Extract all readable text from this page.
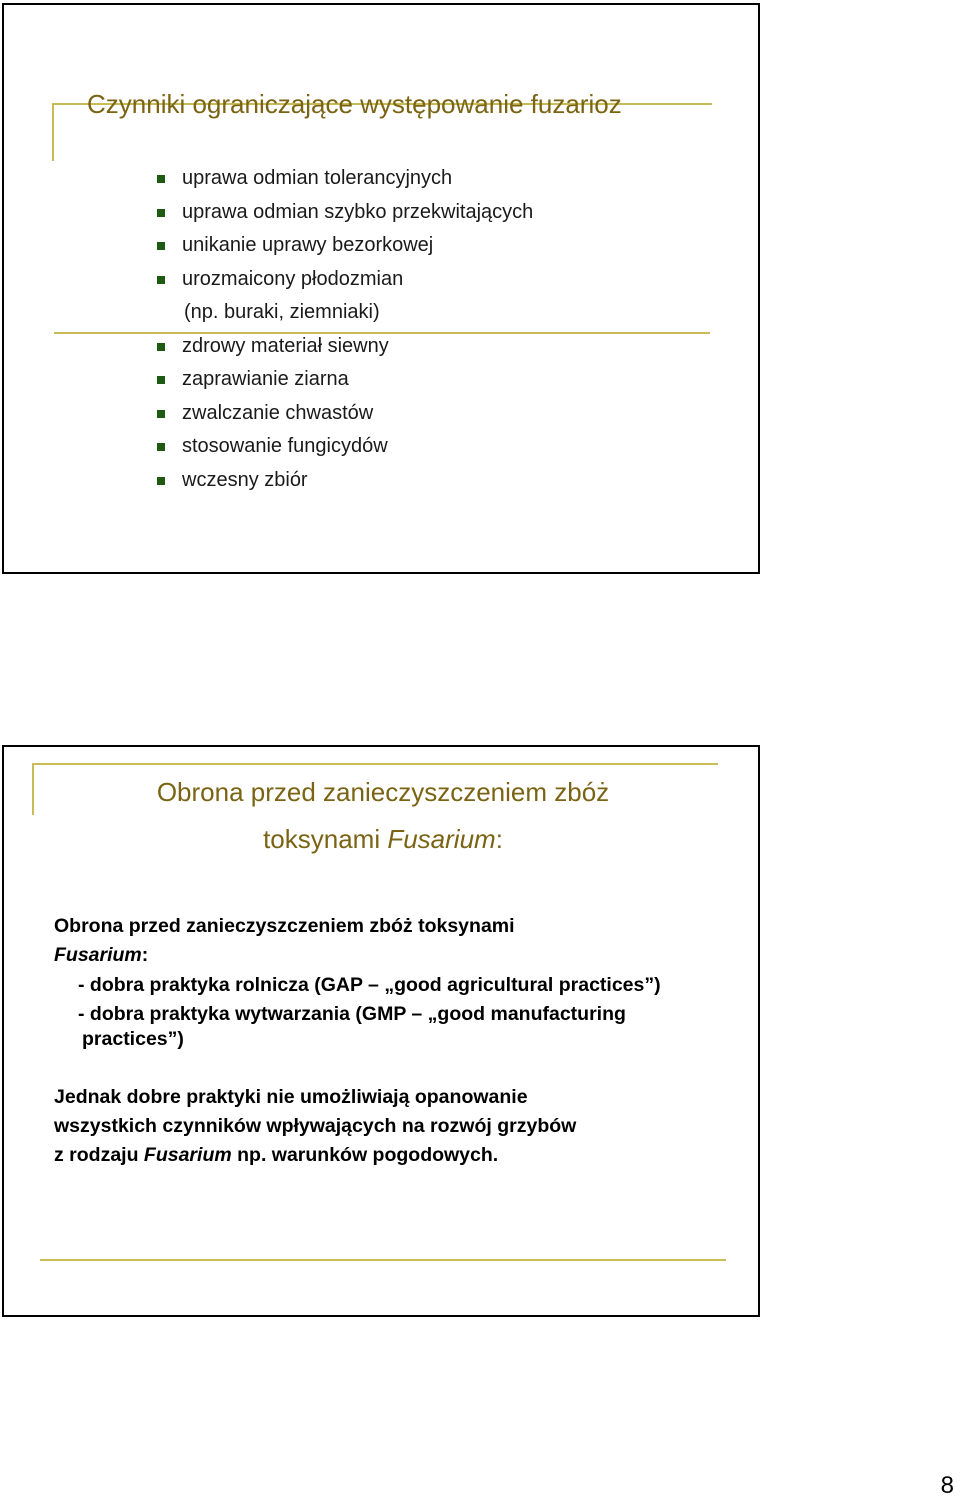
Czynniki ograniczające występowanie fuzarioz
uprawa odmian tolerancyjnych
uprawa odmian szybko przekwitających
unikanie uprawy bezorkowej
urozmaicony płodozmian
(np. buraki, ziemniaki)
zdrowy materiał siewny
zaprawianie ziarna
zwalczanie chwastów
stosowanie fungicydów
wczesny zbiór
Obrona przed zanieczyszczeniem zbóż
toksynami Fusarium:
Obrona przed zanieczyszczeniem zbóż toksynami
Fusarium:
- dobra praktyka rolnicza (GAP – „good agricultural practices”)
- dobra praktyka wytwarzania (GMP – „good manufacturing
practices”)
Jednak dobre praktyki nie umożliwiają opanowanie
wszystkich czynników wpływających na rozwój grzybów
z rodzaju Fusarium np. warunków pogodowych.
8
